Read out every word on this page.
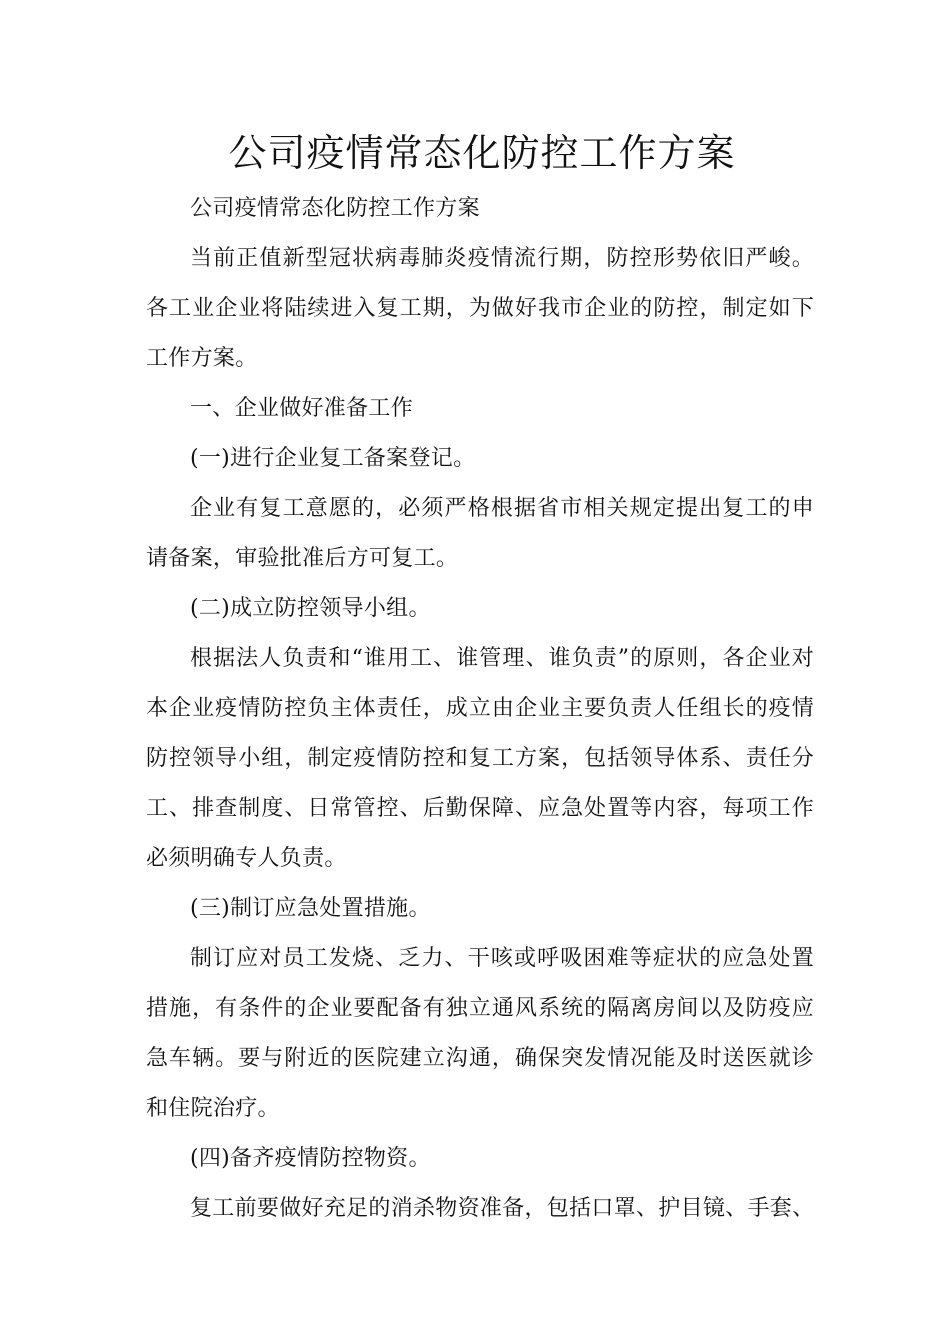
公司疫情常态化防控工作方案

公司疫情常态化防控工作方案

当前正值新型冠状病毒肺炎疫情流行期，防控形势依旧严峻。各工业企业将陆续进入复工期，为做好我市企业的防控，制定如下工作方案。

一、企业做好准备工作

(一)进行企业复工备案登记。

企业有复工意愿的，必须严格根据省市相关规定提出复工的申请备案，审验批准后方可复工。

(二)成立防控领导小组。

根据法人负责和“谁用工、谁管理、谁负责”的原则，各企业对本企业疫情防控负主体责任，成立由企业主要负责人任组长的疫情防控领导小组，制定疫情防控和复工方案，包括领导体系、责任分工、排查制度、日常管控、后勤保障、应急处置等内容，每项工作必须明确专人负责。

(三)制订应急处置措施。

制订应对员工发烧、乏力、干咳或呼吸困难等症状的应急处置措施，有条件的企业要配备有独立通风系统的隔离房间以及防疫应急车辆。要与附近的医院建立沟通，确保突发情况能及时送医就诊和住院治疗。

(四)备齐疫情防控物资。

复工前要做好充足的消杀物资准备，包括口罩、护目镜、手套、
